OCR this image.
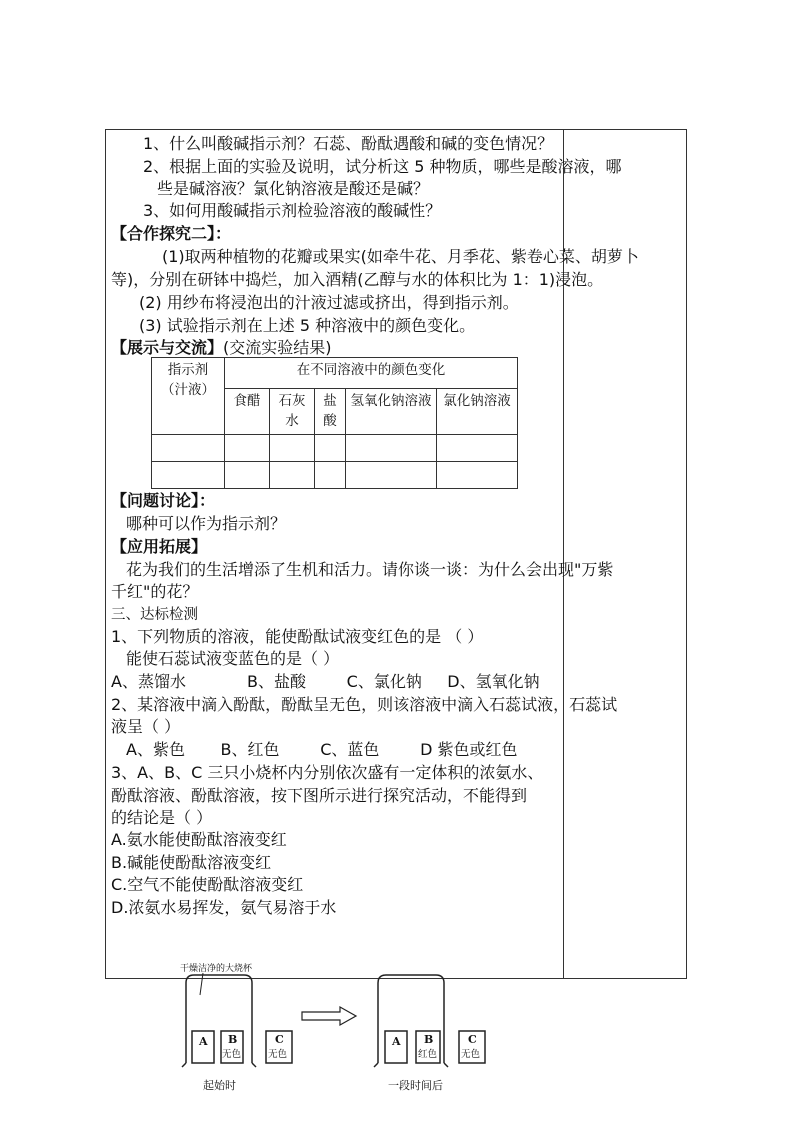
1、什么叫酸碱指示剂？石蕊、酚酞遇酸和碱的变色情况？
2、根据上面的实验及说明，试分析这 5 种物质，哪些是酸溶液，哪
些是碱溶液？氯化钠溶液是酸还是碱？
3、如何用酸碱指示剂检验溶液的酸碱性？
【合作探究二】：
(1)取两种植物的花瓣或果实(如牵牛花、月季花、紫卷心菜、胡萝卜
等)，分别在研钵中捣烂，加入酒精(乙醇与水的体积比为 1：1)浸泡。
(2) 用纱布将浸泡出的汁液过滤或挤出，得到指示剂。
(3) 试验指示剂在上述 5 种溶液中的颜色变化。
【展示与交流】(交流实验结果)
指示剂
（汁液）	在不同溶液中的颜色变化				
	食醋	石灰水	盐酸	氢氧化钠溶液	氯化钠溶液

【问题讨论】：
哪种可以作为指示剂？
【应用拓展】
花为我们的生活增添了生机和活力。请你谈一谈：为什么会出现"万紫
千红"的花？
三、达标检测
1、下列物质的溶液，能使酚酞试液变红色的是 （ ）
能使石蕊试液变蓝色的是（ ）
A、蒸馏水            B、盐酸        C、氯化钠     D、氢氧化钠
2、某溶液中滴入酚酞，酚酞呈无色，则该溶液中滴入石蕊试液，石蕊试
液呈（ ）
A、紫色       B、红色        C、蓝色        D 紫色或红色
3、A、B、C 三只小烧杯内分别依次盛有一定体积的浓氨水、
酚酞溶液、酚酞溶液，按下图所示进行探究活动，不能得到
的结论是（ ）
A.氨水能使酚酞溶液变红
B.碱能使酚酞溶液变红
C.空气不能使酚酞溶液变红
D.浓氨水易挥发，氨气易溶于水
干燥洁净的大烧杯
A B
无色
C
无色
A B
红色
C
无色
起始时	一段时间后
